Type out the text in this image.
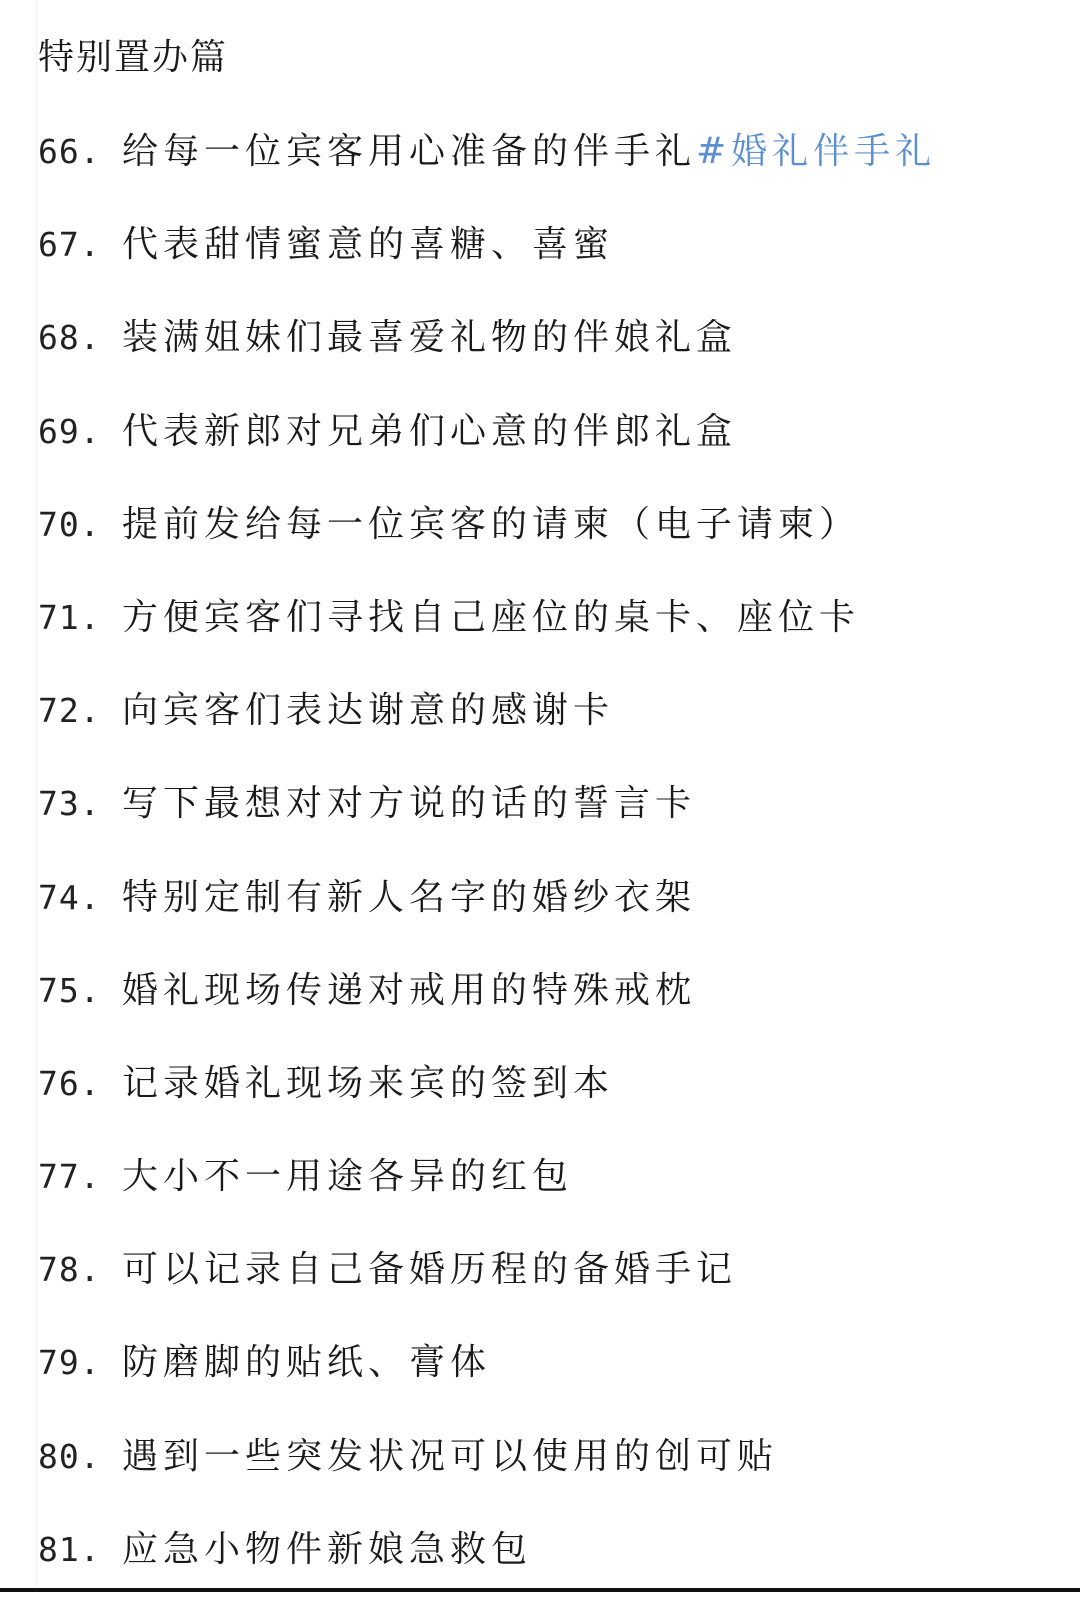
特别置办篇
66. 给每一位宾客用心准备的伴手礼#婚礼伴手礼
67. 代表甜情蜜意的喜糖、喜蜜
68. 装满姐妹们最喜爱礼物的伴娘礼盒
69. 代表新郎对兄弟们心意的伴郎礼盒
70. 提前发给每一位宾客的请柬（电子请柬）
71. 方便宾客们寻找自己座位的桌卡、座位卡
72. 向宾客们表达谢意的感谢卡
73. 写下最想对对方说的话的誓言卡
74. 特别定制有新人名字的婚纱衣架
75. 婚礼现场传递对戒用的特殊戒枕
76. 记录婚礼现场来宾的签到本
77. 大小不一用途各异的红包
78. 可以记录自己备婚历程的备婚手记
79. 防磨脚的贴纸、膏体
80. 遇到一些突发状况可以使用的创可贴
81. 应急小物件新娘急救包
